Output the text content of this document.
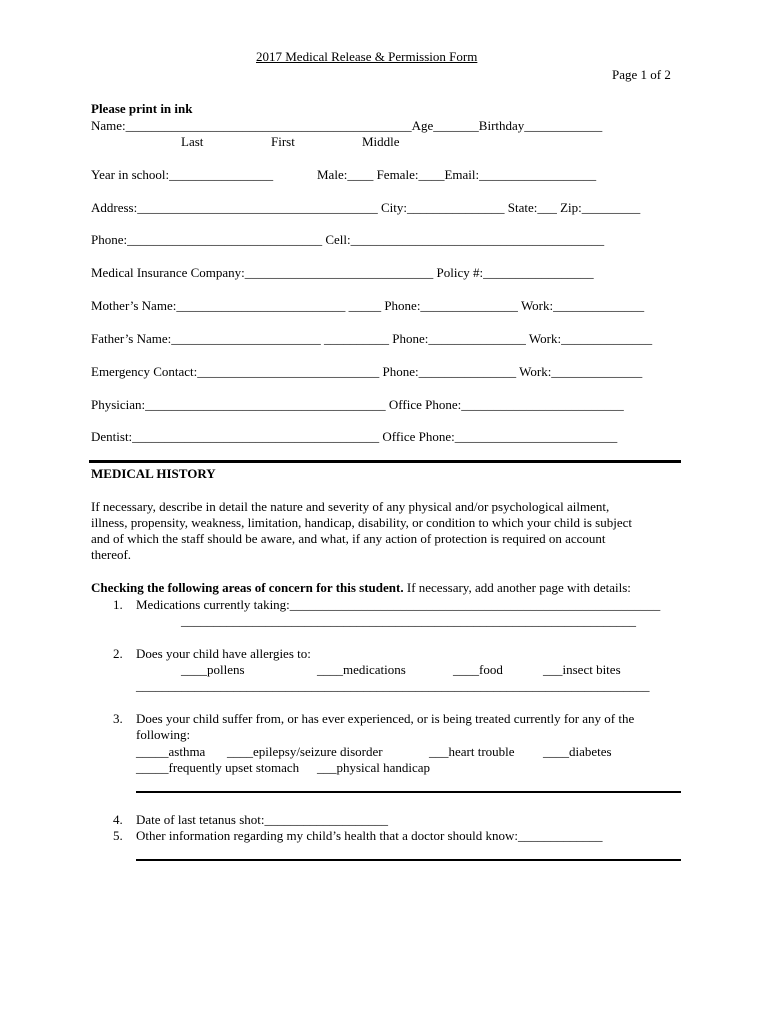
2017 Medical Release & Permission Form
Page 1 of 2
Please print in ink
Name:____________________________________________Age_______Birthday____________
Last	First	Middle
Year in school:________________	Male:____ Female:____Email:__________________
Address:_____________________________________ City:_______________ State:___ Zip:_________
Phone:______________________________ Cell:_______________________________________
Medical Insurance Company:_____________________________ Policy #:_________________
Mother’s Name:__________________________ _____ Phone:_______________ Work:______________
Father’s Name:_______________________ __________ Phone:_______________ Work:______________
Emergency Contact:____________________________ Phone:_______________ Work:______________
Physician:_____________________________________ Office Phone:_________________________
Dentist:______________________________________ Office Phone:_________________________
MEDICAL HISTORY
If necessary, describe in detail the nature and severity of any physical and/or psychological ailment,
illness, propensity, weakness, limitation, handicap, disability, or condition to which your child is subject
and of which the staff should be aware, and what, if any action of protection is required on account
thereof.
Checking the following areas of concern for this student. If necessary, add another page with details:
1. Medications currently taking:_________________________________________________________
______________________________________________________________________
2. Does your child have allergies to:
____pollens	____medications	____food	___insect bites
_______________________________________________________________________________
3. Does your child suffer from, or has ever experienced, or is being treated currently for any of the
following:
_____asthma ____epilepsy/seizure disorder	___heart trouble ____diabetes
_____frequently upset stomach ___physical handicap
4. Date of last tetanus shot:___________________
5. Other information regarding my child’s health that a doctor should know:_____________
